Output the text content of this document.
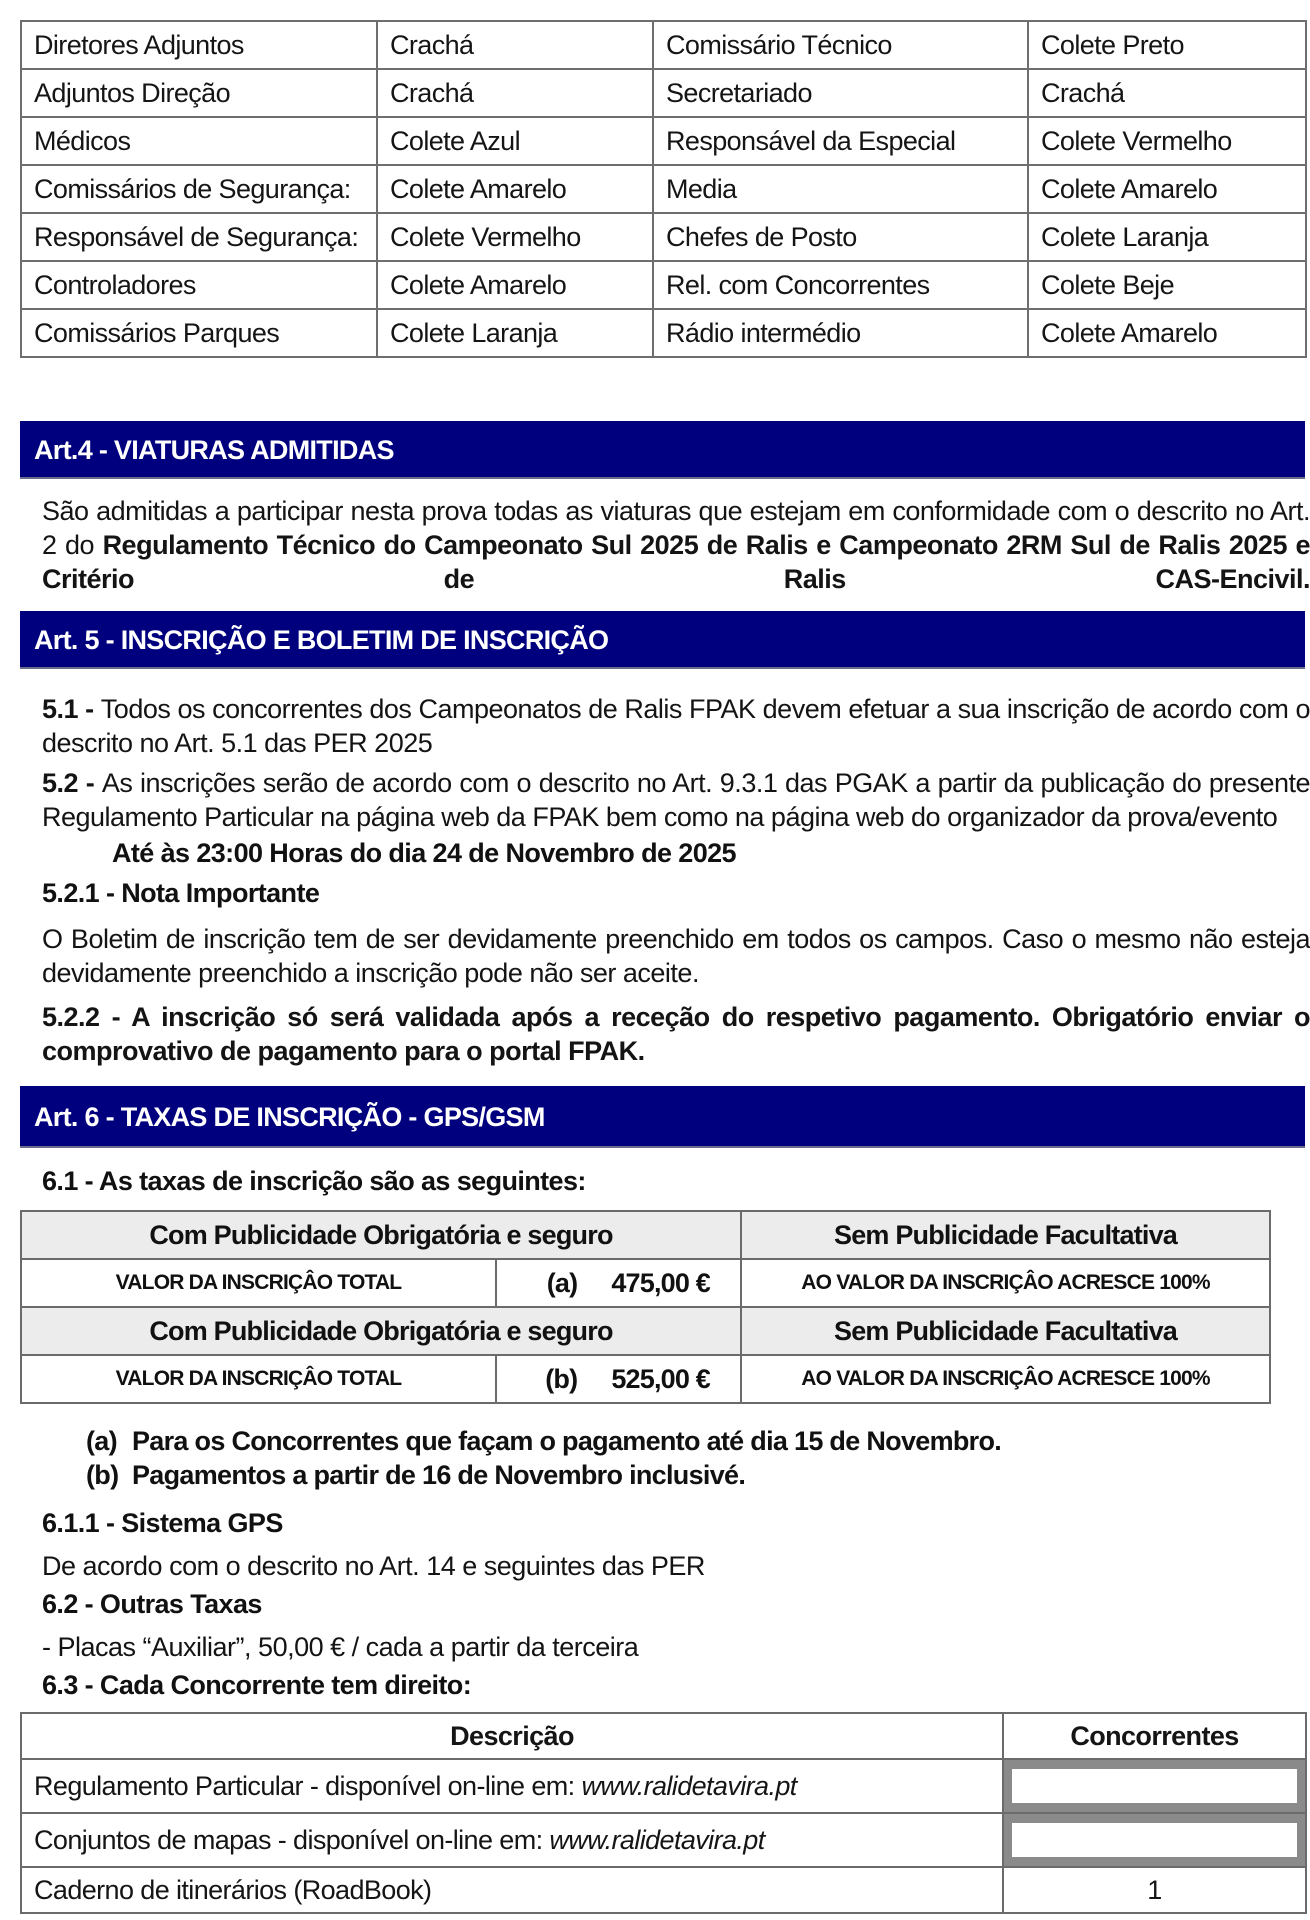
Diretores Adjuntos	Crachá	Comissário Técnico	Colete Preto
Adjuntos Direção	Crachá	Secretariado	Crachá
Médicos	Colete Azul	Responsável da Especial	Colete Vermelho
Comissários de Segurança:	Colete Amarelo	Media	Colete Amarelo
Responsável de Segurança:	Colete Vermelho	Chefes de Posto	Colete Laranja
Controladores	Colete Amarelo	Rel. com Concorrentes	Colete Beje
Comissários Parques	Colete Laranja	Rádio intermédio	Colete Amarelo
Art.4 - VIATURAS ADMITIDAS
São admitidas a participar nesta prova todas as viaturas que estejam em conformidade com o descrito no Art. 2 do Regulamento Técnico do Campeonato Sul 2025 de Ralis e Campeonato 2RM Sul de Ralis 2025 e Critério de Ralis CAS-Encivil.
Art. 5 - INSCRIÇÃO E BOLETIM DE INSCRIÇÃO
5.1 - Todos os concorrentes dos Campeonatos de Ralis FPAK devem efetuar a sua inscrição de acordo com o descrito no Art. 5.1 das PER 2025
5.2 - As inscrições serão de acordo com o descrito no Art. 9.3.1 das PGAK a partir da publicação do presente Regulamento Particular na página web da FPAK bem como na página web do organizador da prova/evento
Até às 23:00 Horas do dia 24 de Novembro de 2025
5.2.1 - Nota Importante
O Boletim de inscrição tem de ser devidamente preenchido em todos os campos. Caso o mesmo não esteja devidamente preenchido a inscrição pode não ser aceite.
5.2.2 - A inscrição só será validada após a receção do respetivo pagamento. Obrigatório enviar o comprovativo de pagamento para o portal FPAK.
Art. 6 - TAXAS DE INSCRIÇÃO - GPS/GSM
6.1 - As taxas de inscrição são as seguintes:
Com Publicidade Obrigatória e seguro		Sem Publicidade Facultativa
VALOR DA INSCRIÇÂO TOTAL	(a) 475,00 €	AO VALOR DA INSCRIÇÂO ACRESCE 100%
Com Publicidade Obrigatória e seguro		Sem Publicidade Facultativa
VALOR DA INSCRIÇÂO TOTAL	(b) 525,00 €	AO VALOR DA INSCRIÇÂO ACRESCE 100%
(a) Para os Concorrentes que façam o pagamento até dia 15 de Novembro.
(b) Pagamentos a partir de 16 de Novembro inclusivé.
6.1.1 - Sistema GPS
De acordo com o descrito no Art. 14 e seguintes das PER
6.2 - Outras Taxas
- Placas “Auxiliar”, 50,00 € / cada a partir da terceira
6.3 - Cada Concorrente tem direito:
Descrição	Concorrentes
Regulamento Particular - disponível on-line em: www.ralidetavira.pt	

Conjuntos de mapas - disponível on-line em: www.ralidetavira.pt	

Caderno de itinerários (RoadBook)	1
